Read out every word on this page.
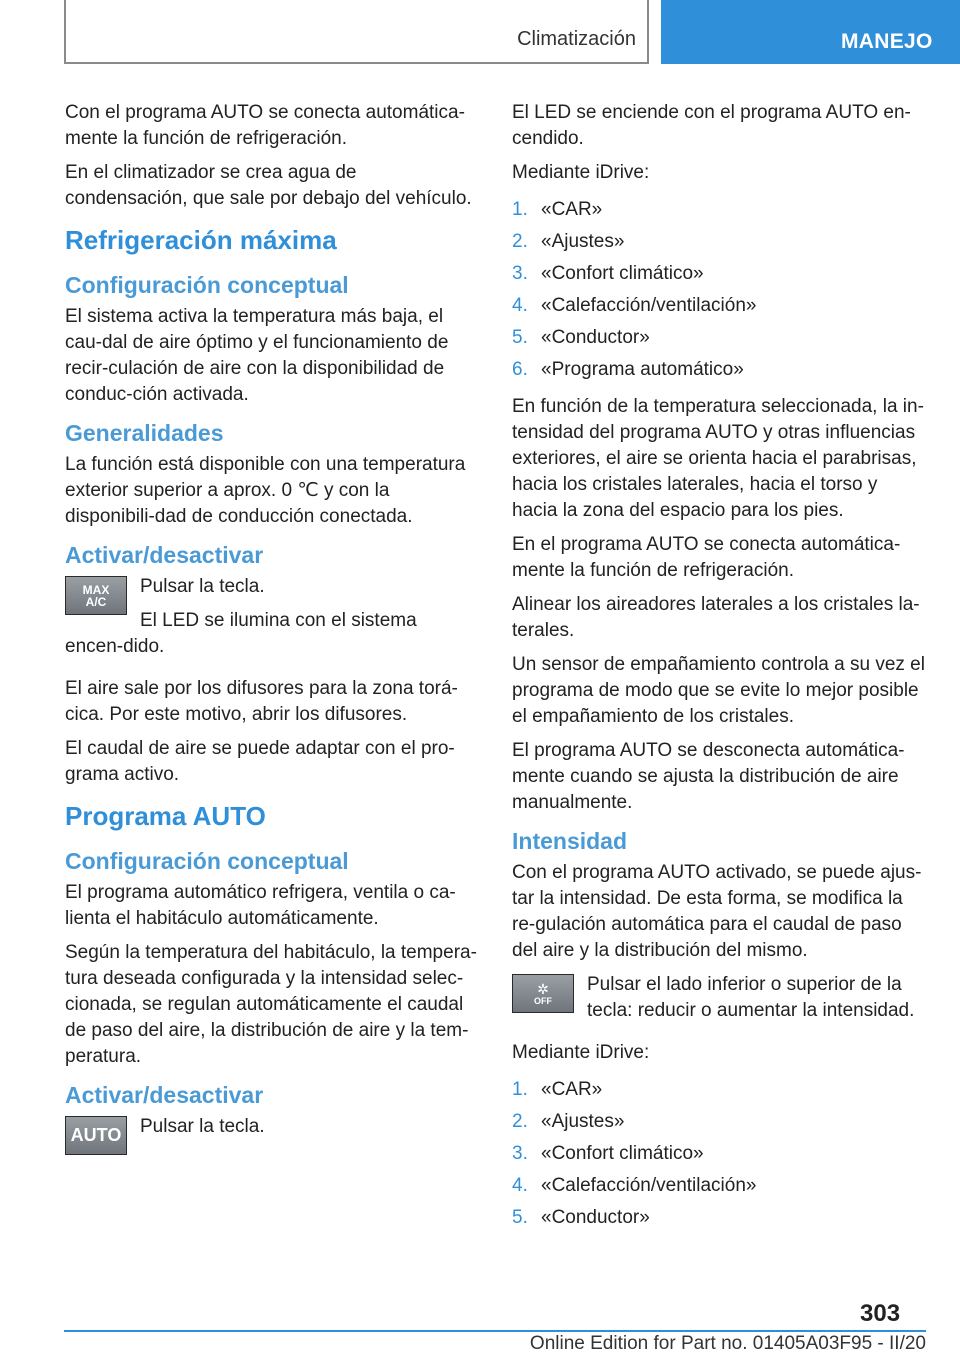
Climatización	MANEJO

Con el programa AUTO se conecta automática-mente la función de refrigeración.

En el climatizador se crea agua de condensación, que sale por debajo del vehículo.

Refrigeración máxima
Configuración conceptual

El sistema activa la temperatura más baja, el cau-dal de aire óptimo y el funcionamiento de recir-culación de aire con la disponibilidad de conduc-ción activada.

Generalidades

La función está disponible con una temperatura exterior superior a aprox. 0 ℃ y con la disponibili-dad de conducción conectada.

Activar/desactivar
MAX
A/C

Pulsar la tecla.

El LED se ilumina con el sistema encen-dido.

El aire sale por los difusores para la zona torá-cica. Por este motivo, abrir los difusores.

El caudal de aire se puede adaptar con el pro-grama activo.

Programa AUTO
Configuración conceptual

El programa automático refrigera, ventila o ca-lienta el habitáculo automáticamente.

Según la temperatura del habitáculo, la tempera-tura deseada configurada y la intensidad selec-cionada, se regulan automáticamente el caudal de paso del aire, la distribución de aire y la tem-peratura.

Activar/desactivar
AUTO Pulsar la tecla.

El LED se enciende con el programa AUTO en-cendido.

Mediante iDrive:

1. «CAR»
2. «Ajustes»
3. «Confort climático»
4. «Calefacción/ventilación»
5. «Conductor»
6. «Programa automático»

En función de la temperatura seleccionada, la in-tensidad del programa AUTO y otras influencias exteriores, el aire se orienta hacia el parabrisas, hacia los cristales laterales, hacia el torso y hacia la zona del espacio para los pies.

En el programa AUTO se conecta automática-mente la función de refrigeración.

Alinear los aireadores laterales a los cristales la-terales.

Un sensor de empañamiento controla a su vez el programa de modo que se evite lo mejor posible el empañamiento de los cristales.

El programa AUTO se desconecta automática-mente cuando se ajusta la distribución de aire manualmente.

Intensidad

Con el programa AUTO activado, se puede ajus-tar la intensidad. De esta forma, se modifica la re-gulación automática para el caudal de paso del aire y la distribución del mismo.

✲
OFF

Pulsar el lado inferior o superior de la tecla: reducir o aumentar la intensidad.

Mediante iDrive:

1. «CAR»
2. «Ajustes»
3. «Confort climático»
4. «Calefacción/ventilación»
5. «Conductor»
303
Online Edition for Part no. 01405A03F95 - II/20
